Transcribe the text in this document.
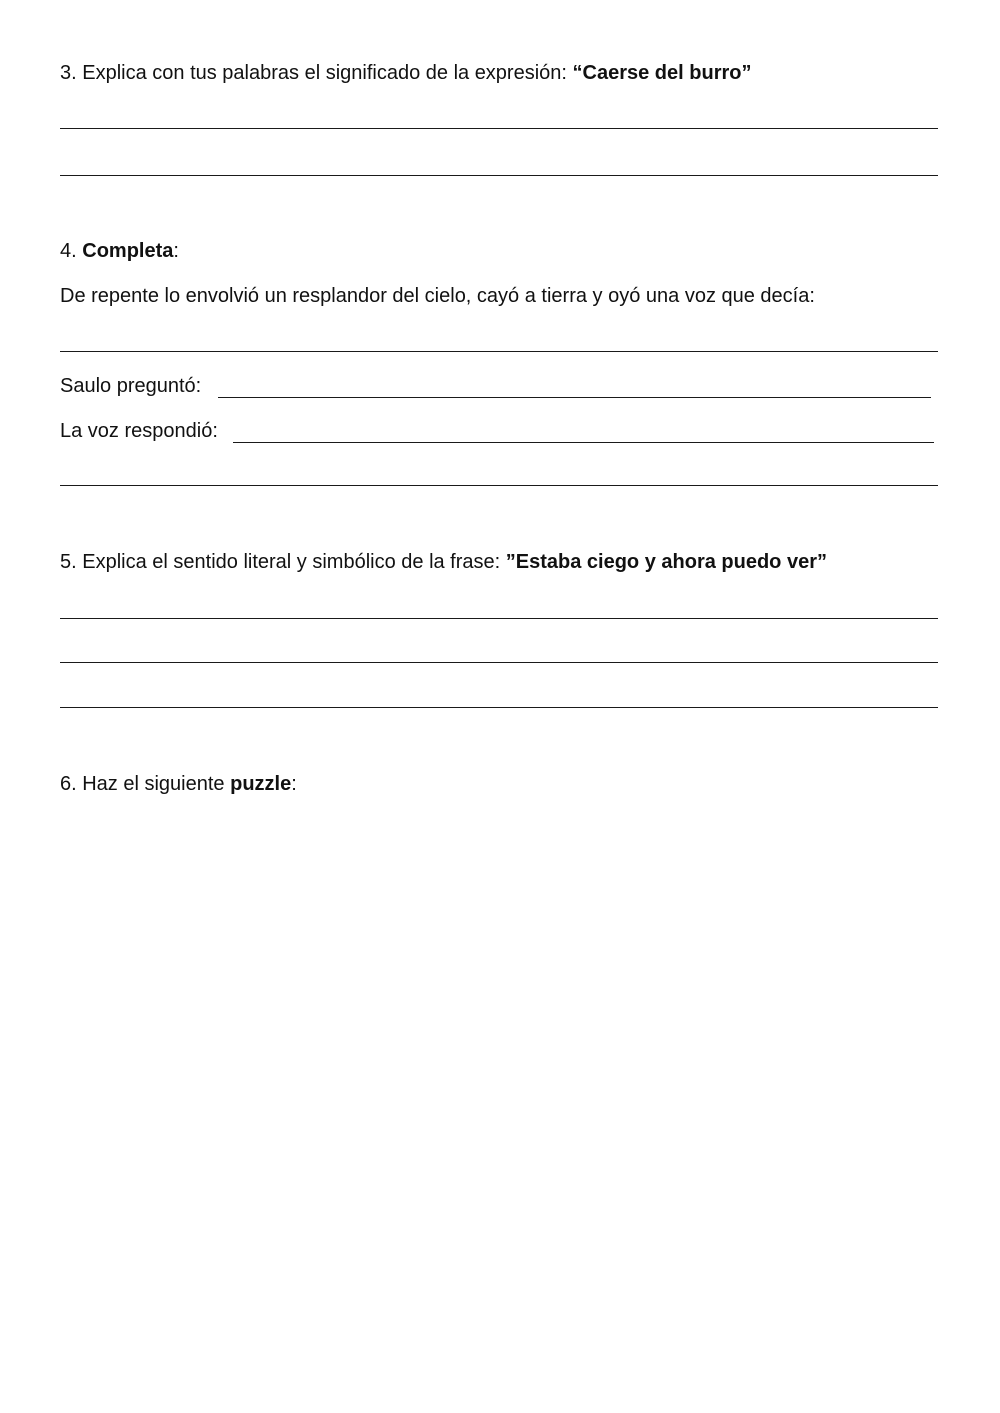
3. Explica con tus palabras el significado de la expresión: “Caerse del burro”
4. Completa:
De repente lo envolvió un resplandor del cielo, cayó a tierra y oyó una voz que decía:
Saulo preguntó:
La voz respondió:
5. Explica el sentido literal y simbólico de la frase: ”Estaba ciego y ahora puedo ver”
6. Haz el siguiente puzzle:
